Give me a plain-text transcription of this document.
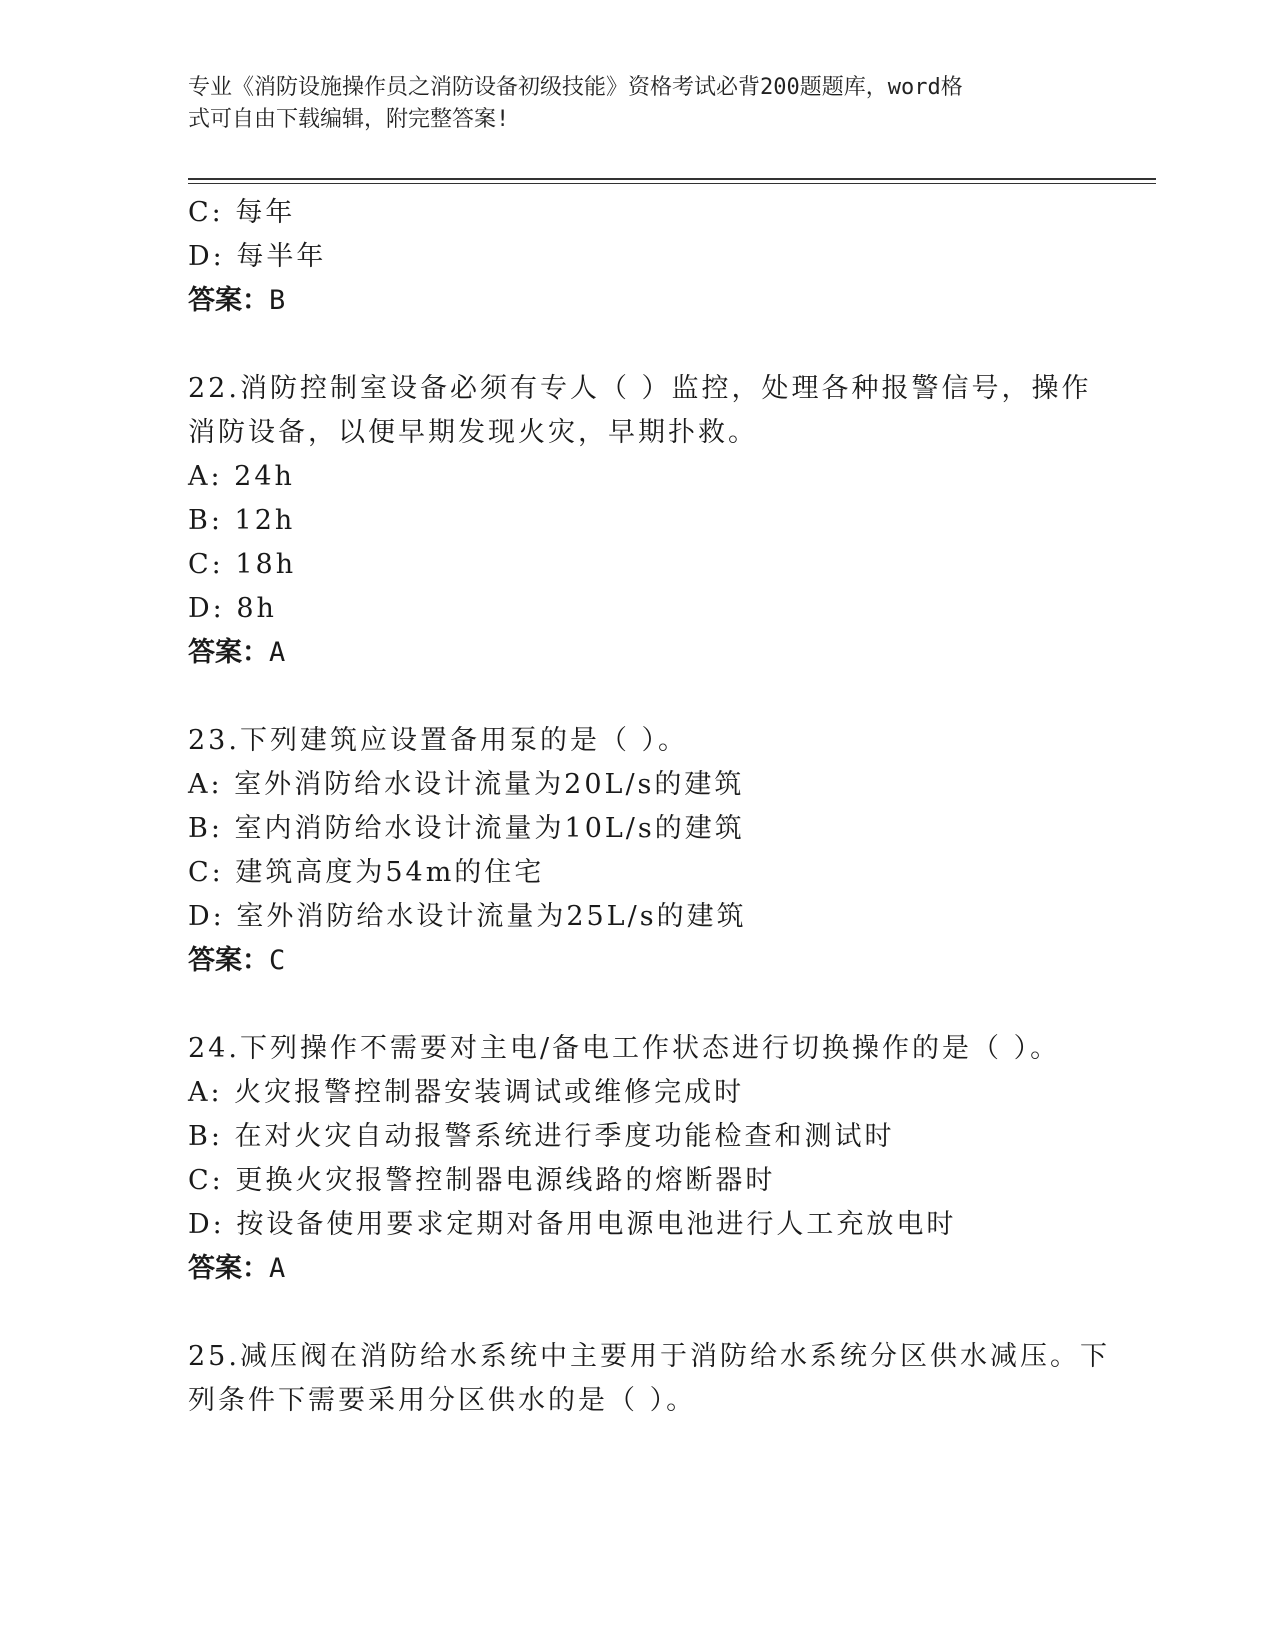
专业《消防设施操作员之消防设备初级技能》资格考试必背200题题库，word格
式可自由下载编辑，附完整答案!
C: 每年
D: 每半年
答案：B
22.消防控制室设备必须有专人（ ）监控，处理各种报警信号，操作
消防设备，以便早期发现火灾，早期扑救。
A: 24h
B: 12h
C: 18h
D: 8h
答案：A
23.下列建筑应设置备用泵的是（ ）。
A: 室外消防给水设计流量为20L/s的建筑
B: 室内消防给水设计流量为10L/s的建筑
C: 建筑高度为54m的住宅
D: 室外消防给水设计流量为25L/s的建筑
答案：C
24.下列操作不需要对主电/备电工作状态进行切换操作的是（ ）。
A: 火灾报警控制器安装调试或维修完成时
B: 在对火灾自动报警系统进行季度功能检查和测试时
C: 更换火灾报警控制器电源线路的熔断器时
D: 按设备使用要求定期对备用电源电池进行人工充放电时
答案：A
25.减压阀在消防给水系统中主要用于消防给水系统分区供水减压。下
列条件下需要采用分区供水的是（ ）。
